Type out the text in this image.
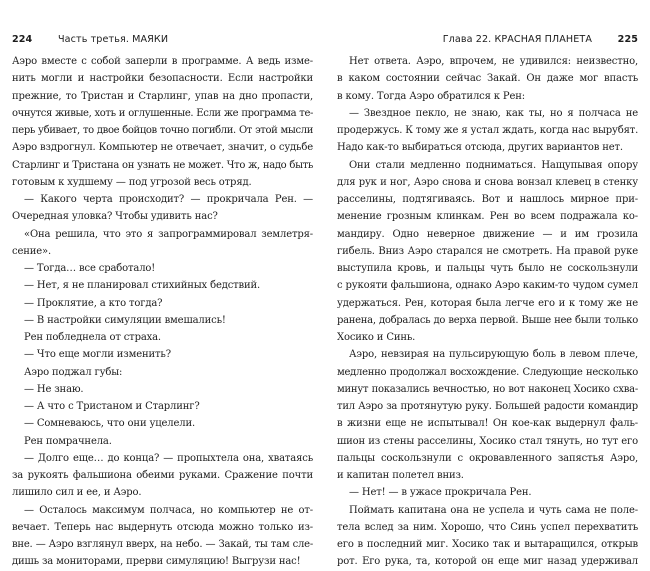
224	Часть третья. МАЯКИ
Аэро вместе с собой заперли в программе. А ведь изме-
нить могли и настройки безопасности. Если настройки
прежние, то Тристан и Старлинг, упав на дно пропасти,
очнутся живые, хоть и оглушенные. Если же программа те-
перь убивает, то двое бойцов точно погибли. От этой мысли
Аэро вздрогнул. Компьютер не отвечает, значит, о судьбе
Старлинг и Тристана он узнать не может. Что ж, надо быть
готовым к худшему — под угрозой весь отряд.
— Какого черта происходит? — прокричала Рен. —
Очередная уловка? Чтобы удивить нас?
«Она решила, что это я запрограммировал землетря-
сение».
— Тогда… все сработало!
— Нет, я не планировал стихийных бедствий.
— Проклятие, а кто тогда?
— В настройки симуляции вмешались!
Рен побледнела от страха.
— Что еще могли изменить?
Аэро поджал губы:
— Не знаю.
— А что с Тристаном и Старлинг?
— Сомневаюсь, что они уцелели.
Рен помрачнела.
— Долго еще… до конца? — пропыхтела она, хватаясь
за рукоять фальшиона обеими руками. Сражение почти
лишило сил и ее, и Аэро.
— Осталось максимум полчаса, но компьютер не от-
вечает. Теперь нас выдернуть отсюда можно только из-
вне. — Аэро взглянул вверх, на небо. — Закай, ты там сле-
дишь за мониторами, прерви симуляцию! Выгрузи нас!
Глава 22. КРАСНАЯ ПЛАНЕТА	225
Нет ответа. Аэро, впрочем, не удивился: неизвестно,
в каком состоянии сейчас Закай. Он даже мог впасть
в кому. Тогда Аэро обратился к Рен:
— Звездное пекло, не знаю, как ты, но я полчаса не
продержусь. К тому же я устал ждать, когда нас вырубят.
Надо как-то выбираться отсюда, других вариантов нет.
Они стали медленно подниматься. Нащупывая опору
для рук и ног, Аэро снова и снова вонзал клевец в стенку
расселины, подтягиваясь. Вот и нашлось мирное при-
менение грозным клинкам. Рен во всем подражала ко-
мандиру. Одно неверное движение — и им грозила
гибель. Вниз Аэро старался не смотреть. На правой руке
выступила кровь, и пальцы чуть было не соскользнули
с рукояти фальшиона, однако Аэро каким-то чудом сумел
удержаться. Рен, которая была легче его и к тому же не
ранена, добралась до верха первой. Выше нее были только
Хосико и Синь.
Аэро, невзирая на пульсирующую боль в левом плече,
медленно продолжал восхождение. Следующие несколько
минут показались вечностью, но вот наконец Хосико схва-
тил Аэро за протянутую руку. Большей радости командир
в жизни еще не испытывал! Он кое-как выдернул фаль-
шион из стены расселины, Хосико стал тянуть, но тут его
пальцы соскользнули с окровавленного запястья Аэро,
и капитан полетел вниз.
— Нет! — в ужасе прокричала Рен.
Поймать капитана она не успела и чуть сама не поле-
тела вслед за ним. Хорошо, что Синь успел перехватить
его в последний миг. Хосико так и вытаращился, открыв
рот. Его рука, та, которой он еще миг назад удерживал
